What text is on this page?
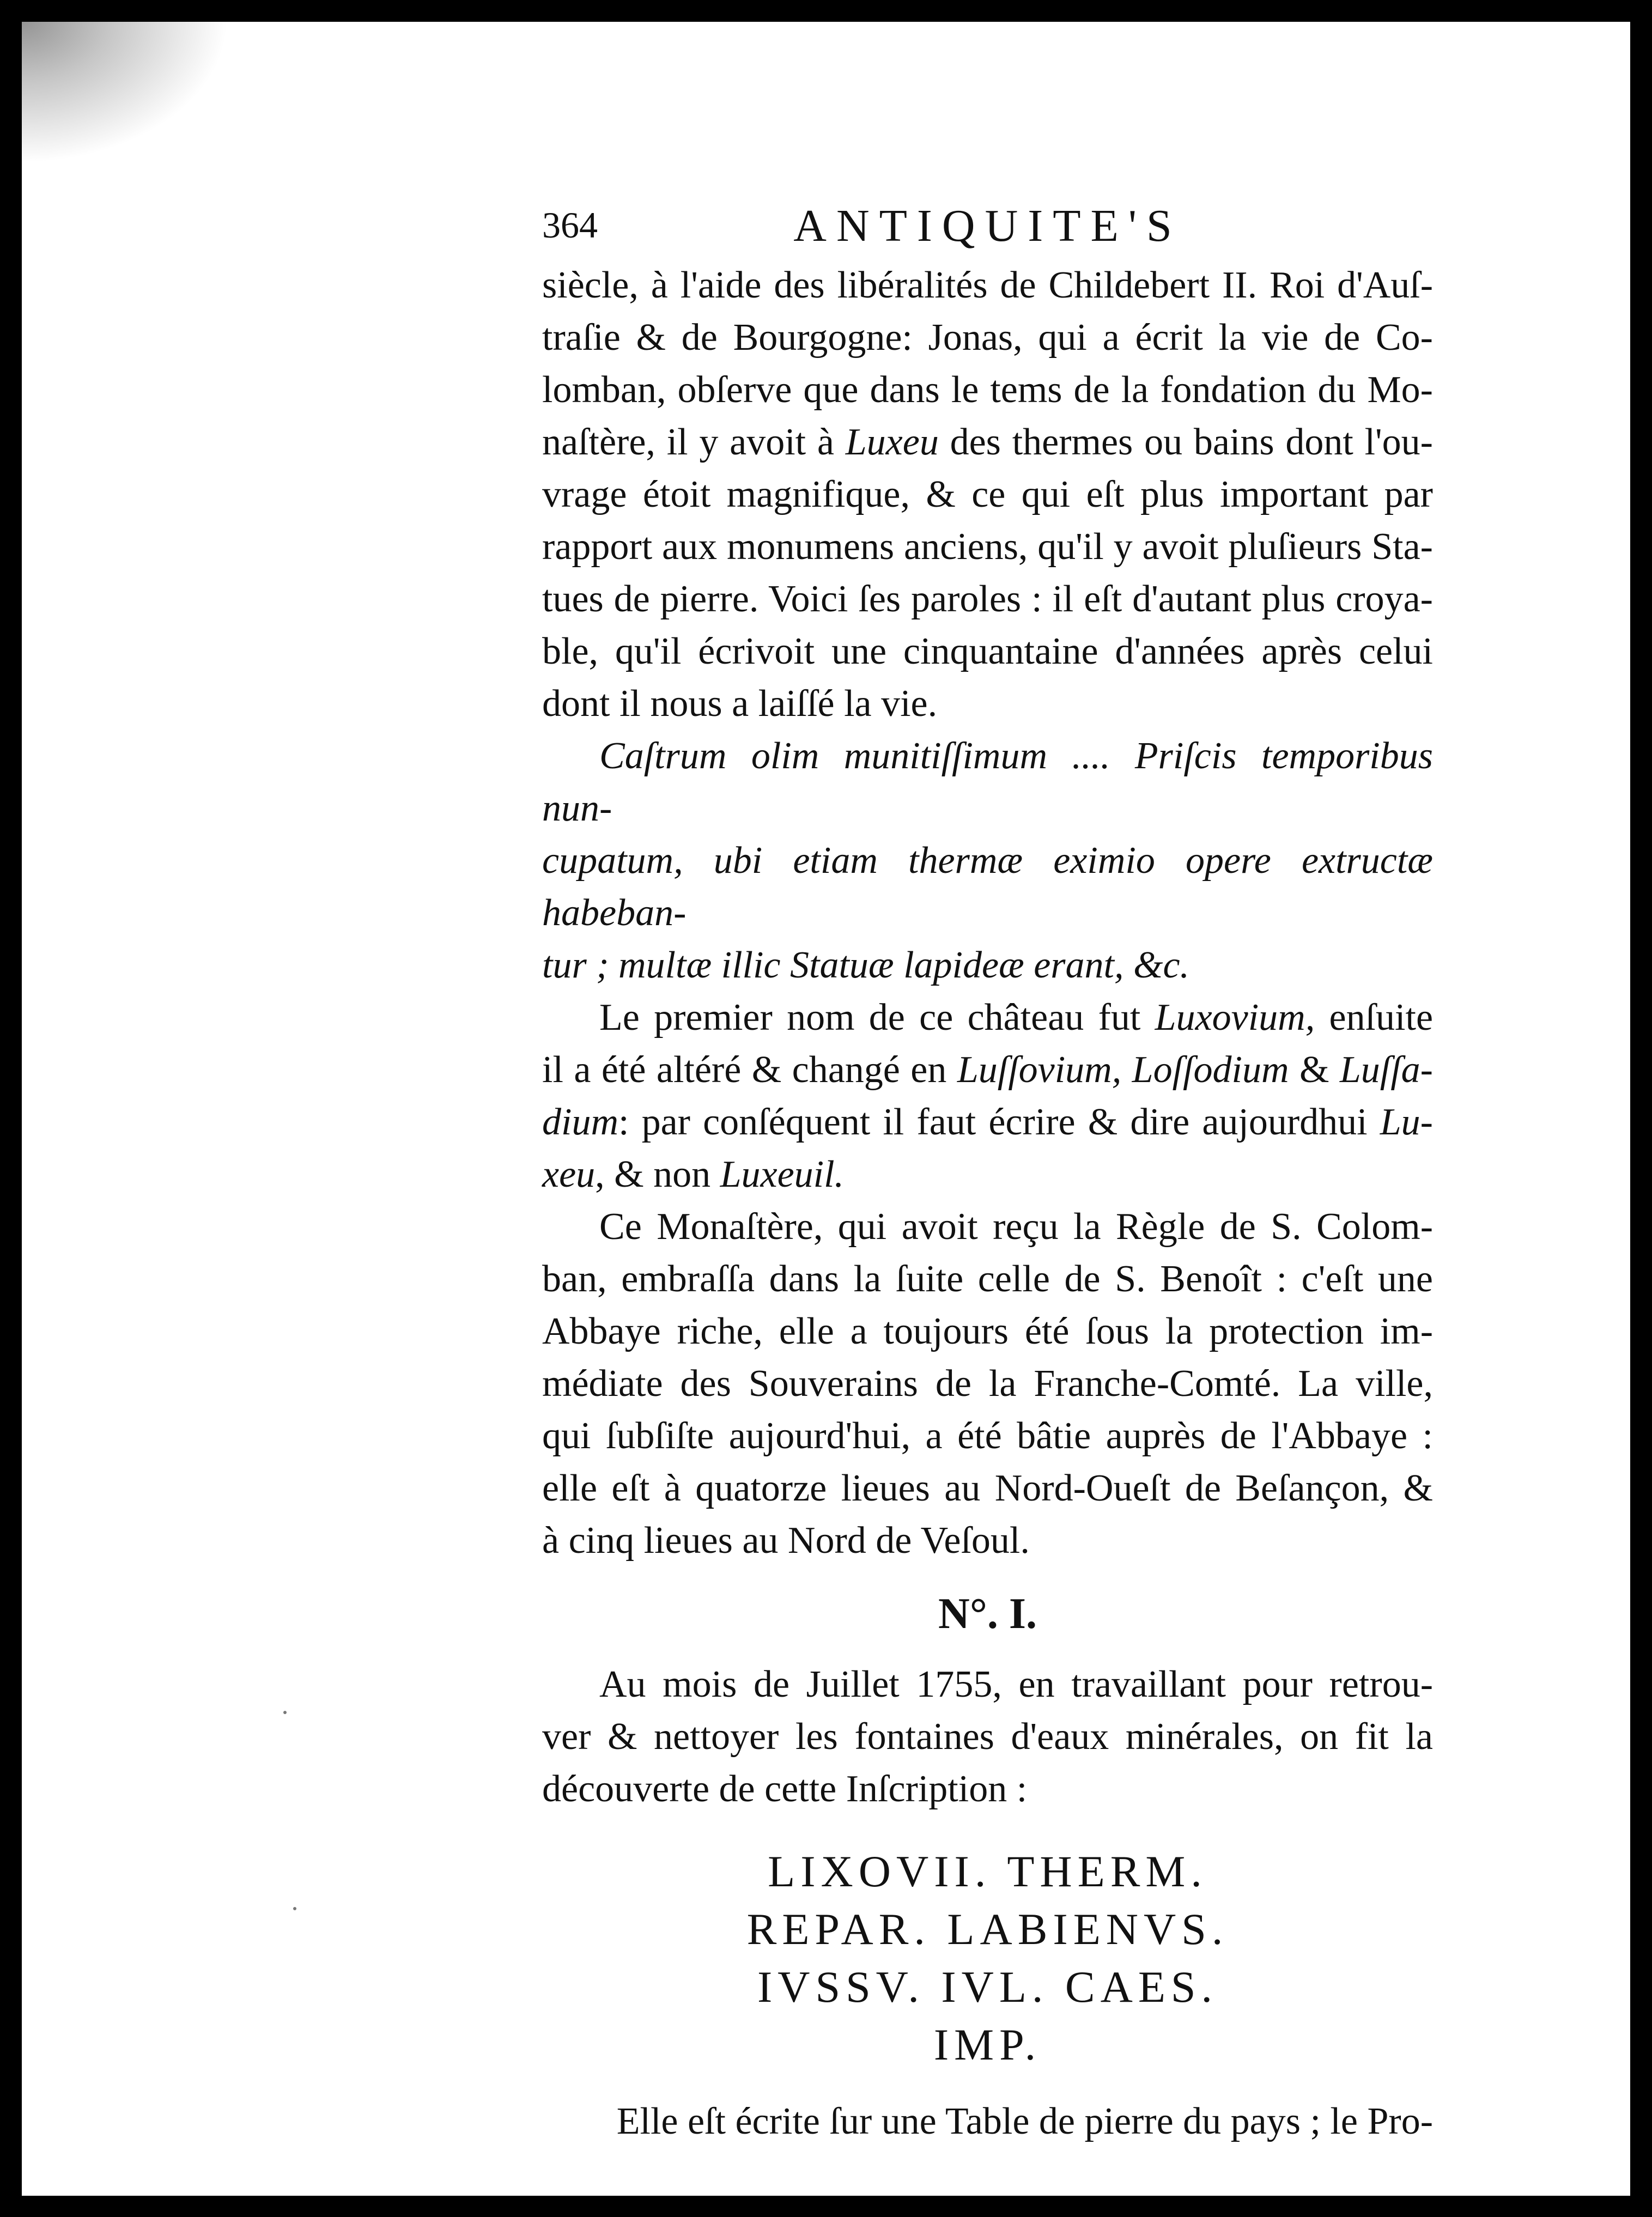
364	ANTIQUITE'S

siècle, à l'aide des libéralités de Childebert II. Roi d'Auſ-

traſie & de Bourgogne: Jonas, qui a écrit la vie de Co-

lomban, obſerve que dans le tems de la fondation du Mo-

naſtère, il y avoit à Luxeu des thermes ou bains dont l'ou-

vrage étoit magnifique, & ce qui eſt plus important par

rapport aux monumens anciens, qu'il y avoit pluſieurs Sta-

tues de pierre. Voici ſes paroles : il eſt d'autant plus croya-

ble, qu'il écrivoit une cinquantaine d'années après celui

dont il nous a laiſſé la vie.

Caſtrum olim munitiſſimum .... Priſcis temporibus nun-

cupatum, ubi etiam thermæ eximio opere extructæ habeban-

tur ; multæ illic Statuæ lapideæ erant, &c.

Le premier nom de ce château fut Luxovium, enſuite

il a été altéré & changé en Luſſovium, Loſſodium & Luſſa-

dium: par conſéquent il faut écrire & dire aujourdhui Lu-

xeu, & non Luxeuil.

Ce Monaſtère, qui avoit reçu la Règle de S. Colom-

ban, embraſſa dans la ſuite celle de S. Benoît : c'eſt une

Abbaye riche, elle a toujours été ſous la protection im-

médiate des Souverains de la Franche-Comté. La ville,

qui ſubſiſte aujourd'hui, a été bâtie auprès de l'Abbaye :

elle eſt à quatorze lieues au Nord-Oueſt de Beſançon, &

à cinq lieues au Nord de Veſoul.

N°. I.

Au mois de Juillet 1755, en travaillant pour retrou-

ver & nettoyer les fontaines d'eaux minérales, on fit la

découverte de cette Inſcription :

LIXOVII. THERM.
REPAR. LABIENVS.
IVSSV. IVL. CAES.
IMP.
Elle eſt écrite ſur une Table de pierre du pays ; le Pro-
